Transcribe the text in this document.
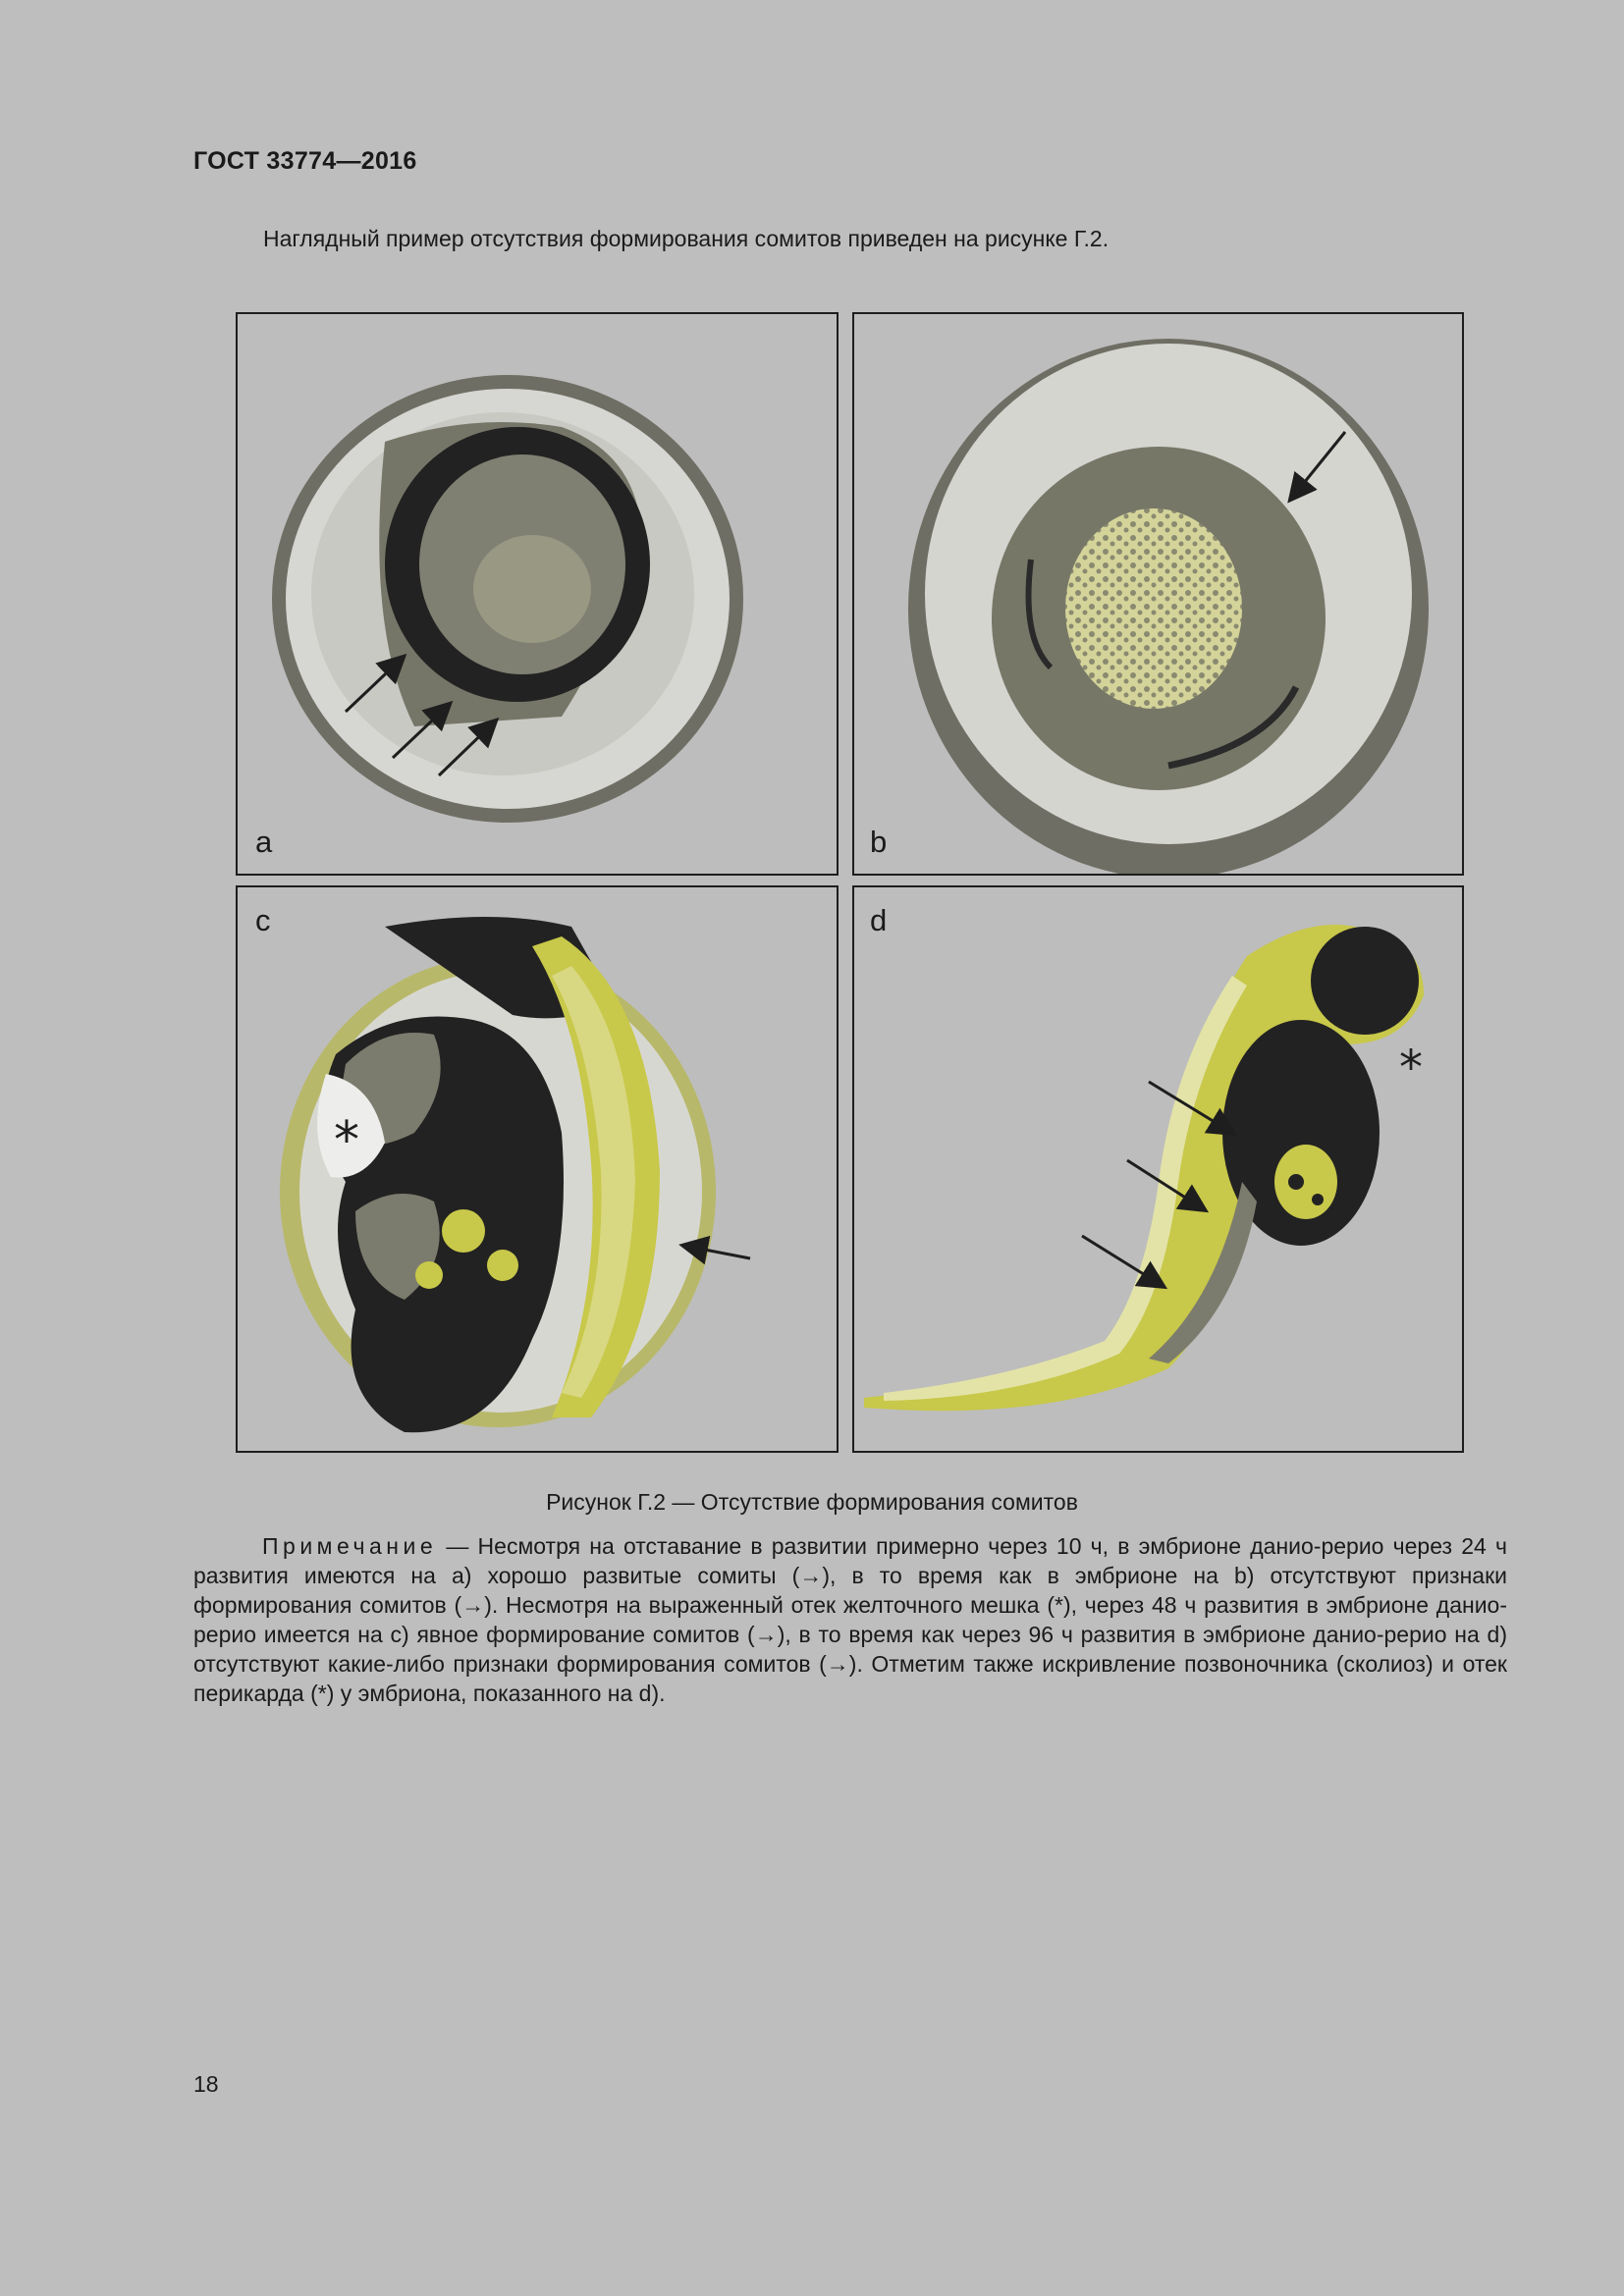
ГОСТ 33774—2016
Наглядный пример отсутствия формирования сомитов приведен на рисунке Г.2.
a	b
*
c
*
d
Рисунок Г.2 — Отсутствие формирования сомитов
Примечание — Несмотря на отставание в развитии примерно через 10 ч, в эмбрионе данио-рерио через 24 ч развития имеются на a) хорошо развитые сомиты (→), в то время как в эмбрионе на b) отсутствуют признаки формирования сомитов (→). Несмотря на выраженный отек желточного мешка (*), через 48 ч развития в эмбрионе данио-рерио имеется на c) явное формирование сомитов (→), в то время как через 96 ч развития в эмбрионе данио-рерио на d) отсутствуют какие-либо признаки формирования сомитов (→). Отметим также искривление позвоночника (сколиоз) и отек перикарда (*) у эмбриона, показанного на d).
18
